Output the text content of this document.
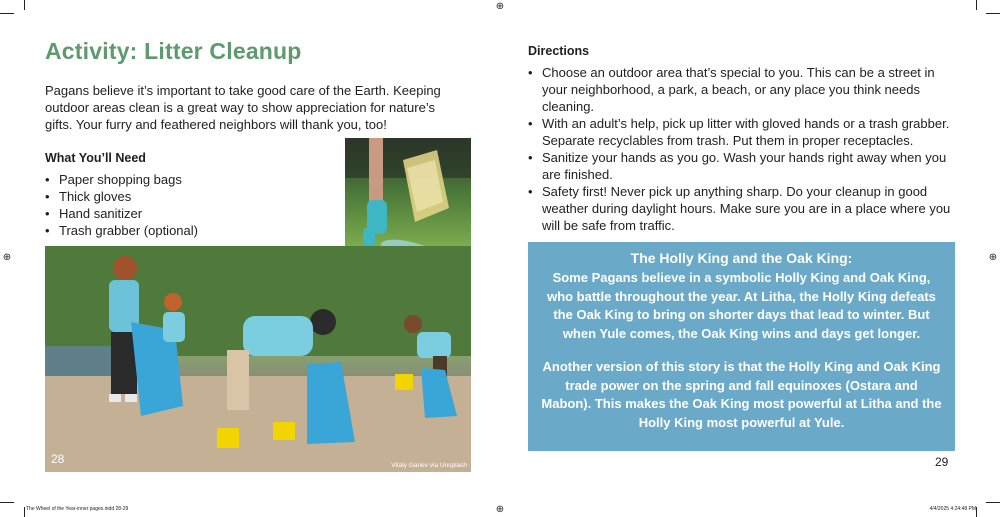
⊕
⊕
⊕	⊕
Activity: Litter Cleanup

Pagans believe it’s important to take good care of the Earth. Keeping outdoor areas clean is a great way to show appreciation for nature’s gifts. Your furry and feathered neighbors will thank you, too!

What You’ll Need
• Paper shopping bags
• Thick gloves
• Hand sanitizer
• Trash grabber (optional)
28	Vitaly Gariev via Unsplash
Directions
• Choose an outdoor area that’s special to you. This can be a street in your neighborhood, a park, a beach, or any place you think needs cleaning.
• With an adult’s help, pick up litter with gloved hands or a trash grabber. Separate recyclables from trash. Put them in proper receptacles.
• Sanitize your hands as you go. Wash your hands right away when you are finished.
• Safety first! Never pick up anything sharp. Do your cleanup in good weather during daylight hours. Make sure you are in a place where you will be safe from traffic.

The Holly King and the Oak King:

Some Pagans believe in a symbolic Holly King and Oak King, who battle throughout the year. At Litha, the Holly King defeats the Oak King to bring on shorter days that lead to winter. But when Yule comes, the Oak King wins and days get longer.

Another version of this story is that the Holly King and Oak King trade power on the spring and fall equinoxes (Ostara and Mabon). This makes the Oak King most powerful at Litha and the Holly King most powerful at Yule.

29
The Wheel of the Year-inner pages.indd 28-29	4/4/2025 4:24:48 PM
